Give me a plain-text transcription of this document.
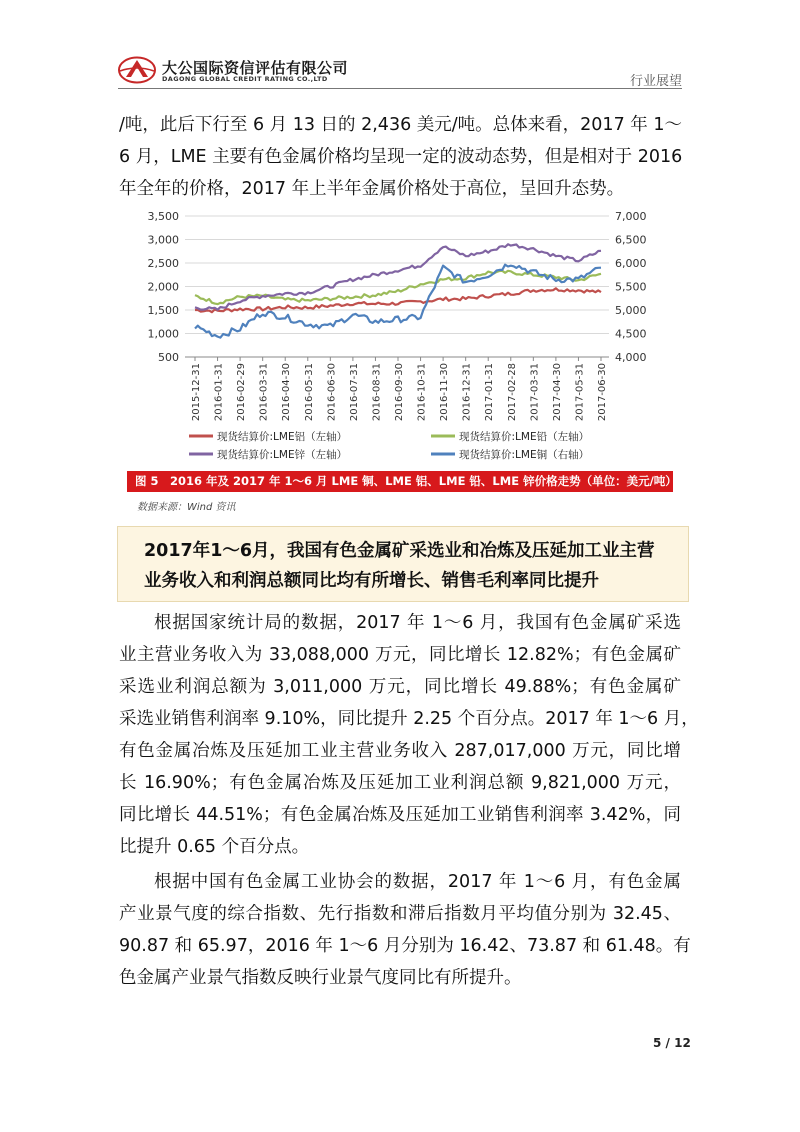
大公国际资信评估有限公司
DAGONG GLOBAL CREDIT RATING CO.,LTD	行业展望
/吨，此后下行至 6 月 13 日的 2,436 美元/吨。总体来看，2017 年 1～
6 月，LME 主要有色金属价格均呈现一定的波动态势，但是相对于 2016
年全年的价格，2017 年上半年金属价格处于高位，呈回升态势。
500
1,000
1,500
2,000
2,500
3,000
3,500
4,000
4,500
5,000
5,500
6,000
6,500
7,000
2015-12-31 2016-01-31 2016-02-29 2016-03-31 2016-04-30 2016-05-31 2016-06-30 2016-07-31 2016-08-31 2016-09-30 2016-10-31 2016-11-30 2016-12-31 2017-01-31 2017-02-28 2017-03-31 2017-04-30 2017-05-31 2017-06-30
现货结算价:LME铝（左轴）	现货结算价:LME铅（左轴）
现货结算价:LME锌（左轴）	现货结算价:LME铜（右轴）
图 5　2016 年及 2017 年 1～6 月 LME 铜、LME 铝、LME 铅、LME 锌价格走势（单位：美元/吨）
数据来源：Wind 资讯
2017年1～6月，我国有色金属矿采选业和冶炼及压延加工业主营
业务收入和利润总额同比均有所增长、销售毛利率同比提升
根据国家统计局的数据，2017 年 1～6 月，我国有色金属矿采选
业主营业务收入为 33,088,000 万元，同比增长 12.82%；有色金属矿
采选业利润总额为 3,011,000 万元，同比增长 49.88%；有色金属矿
采选业销售利润率 9.10%，同比提升 2.25 个百分点。2017 年 1～6 月，
有色金属冶炼及压延加工业主营业务收入 287,017,000 万元，同比增
长 16.90%；有色金属冶炼及压延加工业利润总额 9,821,000 万元，
同比增长 44.51%；有色金属冶炼及压延加工业销售利润率 3.42%，同
比提升 0.65 个百分点。
根据中国有色金属工业协会的数据，2017 年 1～6 月，有色金属
产业景气度的综合指数、先行指数和滞后指数月平均值分别为 32.45、
90.87 和 65.97，2016 年 1～6 月分别为 16.42、73.87 和 61.48。有
色金属产业景气指数反映行业景气度同比有所提升。
5 / 12
